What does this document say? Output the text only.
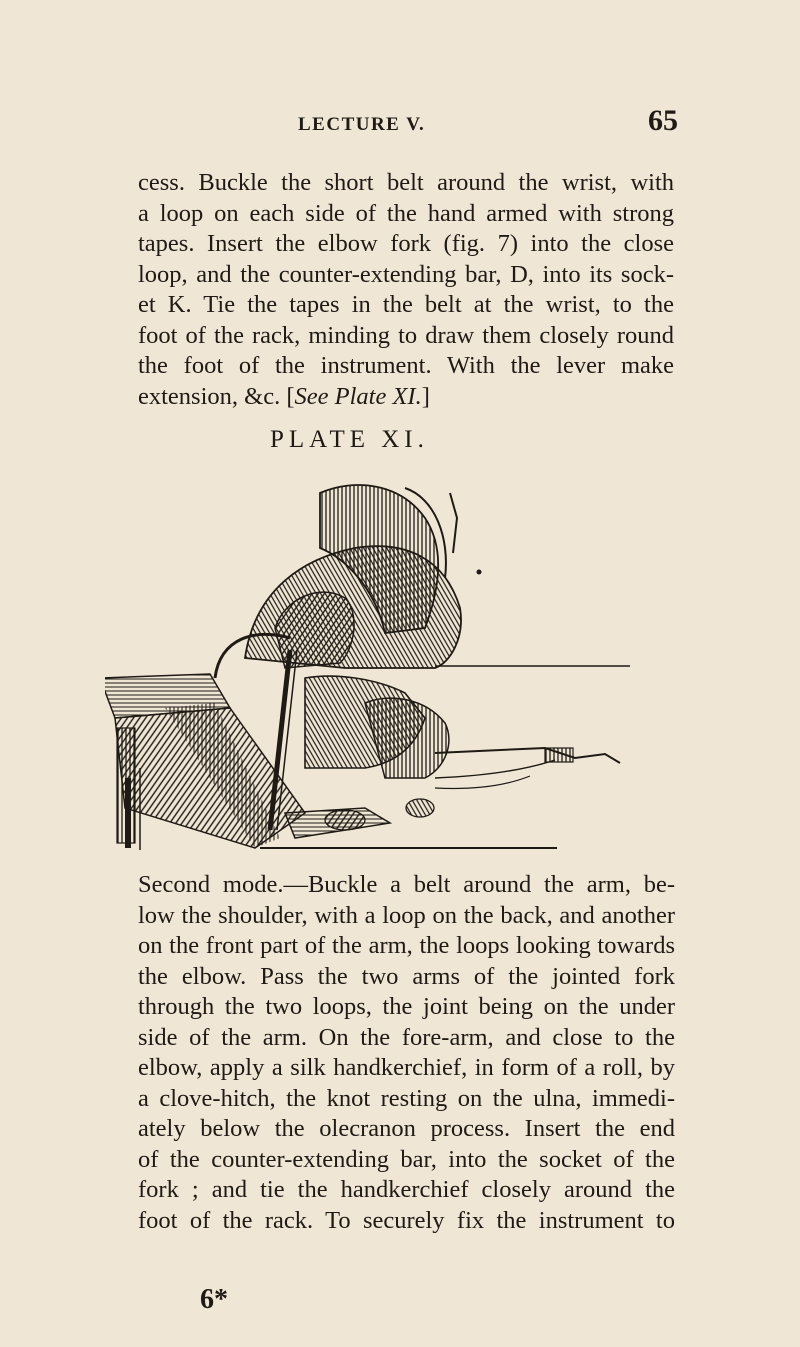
LECTURE V.	65

cess. Buckle the short belt around the wrist, with
a loop on each side of the hand armed with strong
tapes. Insert the elbow fork (fig. 7) into the close
loop, and the counter-extending bar, D, into its sock-
et K. Tie the tapes in the belt at the wrist, to the
foot of the rack, minding to draw them closely round
the foot of the instrument. With the lever make
extension, &c. [See Plate XI.]

PLATE XI.

Second mode.—Buckle a belt around the arm, be-
low the shoulder, with a loop on the back, and another
on the front part of the arm, the loops looking towards
the elbow. Pass the two arms of the jointed fork
through the two loops, the joint being on the under
side of the arm. On the fore-arm, and close to the
elbow, apply a silk handkerchief, in form of a roll, by
a clove-hitch, the knot resting on the ulna, immedi-
ately below the olecranon process. Insert the end
of the counter-extending bar, into the socket of the
fork ; and tie the handkerchief closely around the
foot of the rack. To securely fix the instrument to

6*
